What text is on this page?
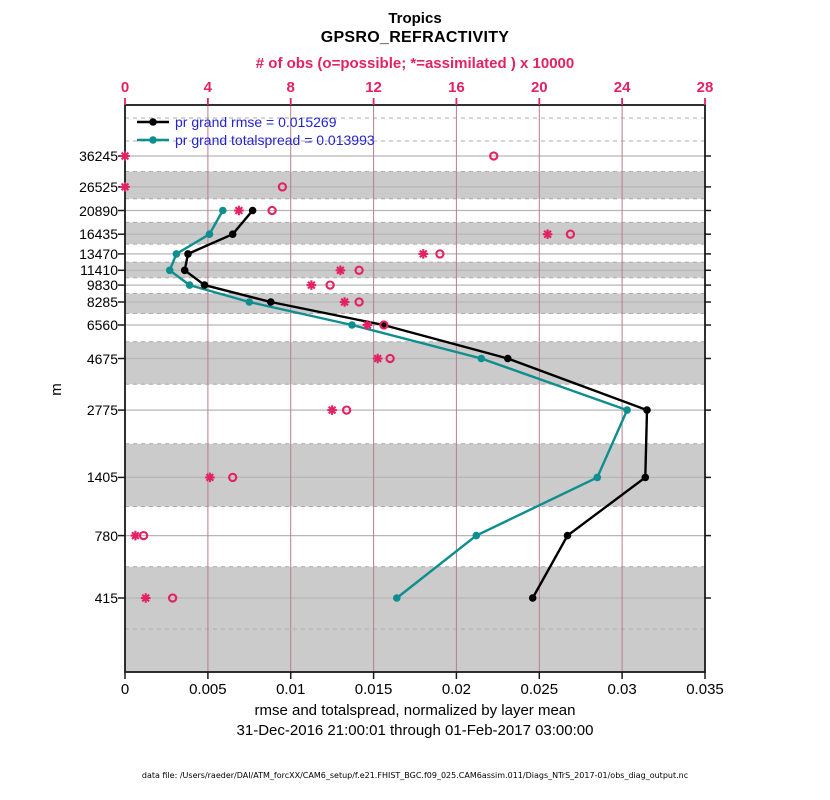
Tropics
GPSRO_REFRACTIVITY
# of obs (o=possible; *=assimilated ) x 10000
m
rmse and totalspread, normalized by layer mean
31-Dec-2016 21:00:01 through 01-Feb-2017 03:00:00
data file: /Users/raeder/DAI/ATM_forcXX/CAM6_setup/f.e21.FHIST_BGC.f09_025.CAM6assim.011/Diags_NTrS_2017-01/obs_diag_output.nc
pr grand rmse = 0.015269
pr grand totalspread = 0.013993
0	4	8	12	16	20	24	28
0	0.005	0.01	0.015	0.02	0.025	0.03	0.035
36245
26525
20890
16435
13470
11410
9830
8285
6560
4675
2775
1405
780
415
